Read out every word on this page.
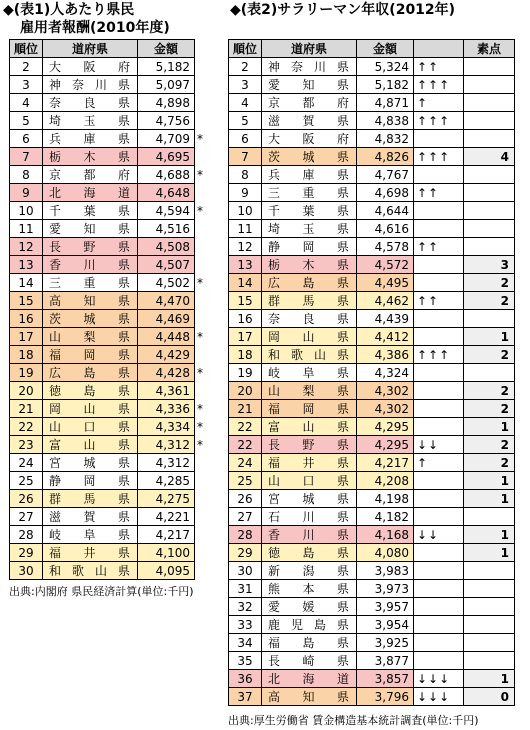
◆(表1)人あたり県民
雇用者報酬(2010年度)
◆(表2)サラリーマン年収(2012年)
順位	道府県	金額	
2	大阪府	5,182	
3	神奈川県	5,097	
4	奈良県	4,898	
5	埼玉県	4,756	
6	兵庫県	4,709	*
7	栃木県	4,695	
8	京都府	4,688	*
9	北海道	4,648	
10	千葉県	4,594	*
11	愛知県	4,516	
12	長野県	4,508	
13	香川県	4,507	
14	三重県	4,502	*
15	高知県	4,470	
16	茨城県	4,469	
17	山梨県	4,448	*
18	福岡県	4,429	
19	広島県	4,428	*
20	徳島県	4,361	
21	岡山県	4,336	*
22	山口県	4,334	*
23	富山県	4,312	*
24	宮城県	4,312	
25	静岡県	4,285	
26	群馬県	4,275	
27	滋賀県	4,221	
28	岐阜県	4,217	
29	福井県	4,100	
30	和歌山県	4,095	
出典:内閣府 県民経済計算(単位:千円)
順位	道府県	金額		素点
2	神奈川県	5,324	↑↑	
3	愛知県	5,182	↑↑↑	
4	京都府	4,871	↑	
5	滋賀県	4,838	↑↑↑	
6	大阪府	4,832		
7	茨城県	4,826	↑↑↑	4
8	兵庫県	4,767		
9	三重県	4,698	↑↑	
10	千葉県	4,644		
11	埼玉県	4,616		
12	静岡県	4,578	↑↑	
13	栃木県	4,572		3
14	広島県	4,495		2
15	群馬県	4,462	↑↑	2
16	奈良県	4,439		
17	岡山県	4,412		1
18	和歌山県	4,386	↑↑↑	2
19	岐阜県	4,324		
20	山梨県	4,302		2
21	福岡県	4,302		2
22	富山県	4,295		1
22	長野県	4,295	↓↓	2
24	福井県	4,217	↑	2
25	山口県	4,208		1
26	宮城県	4,198		1
27	石川県	4,182		
28	香川県	4,168	↓↓	1
29	徳島県	4,080		1
30	新潟県	3,983		
31	熊本県	3,973		
32	愛媛県	3,957		
33	鹿児島県	3,954		
34	福島県	3,925		
35	長崎県	3,877		
36	北海道	3,857	↓↓↓	1
37	高知県	3,796	↓↓↓	0
出典:厚生労働省 賃金構造基本統計調査(単位:千円)
